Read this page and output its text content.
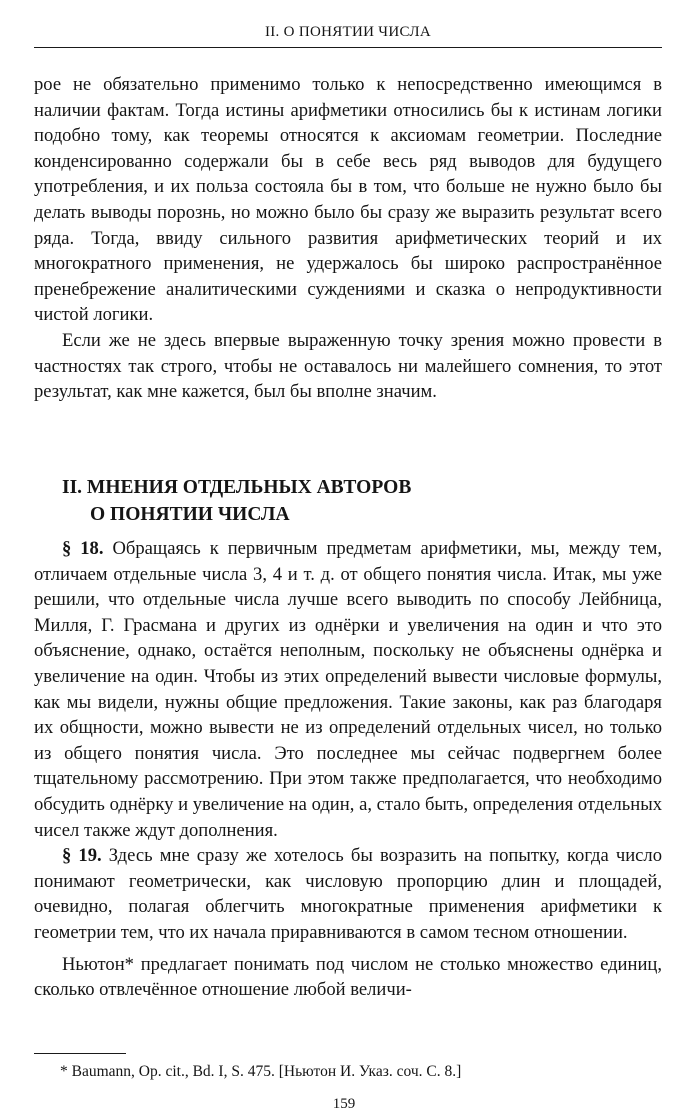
II. О ПОНЯТИИ ЧИСЛА

рое не обязательно применимо только к непосредственно имеющимся в наличии фактам. Тогда истины арифметики относились бы к истинам логики подобно тому, как теоремы относятся к аксиомам геометрии. Последние конденсированно содержали бы в себе весь ряд выводов для будущего употребления, и их польза состояла бы в том, что больше не нужно было бы делать выводы порознь, но можно было бы сразу же выразить результат всего ряда. Тогда, ввиду сильного развития арифметических теорий и их многократного применения, не удержалось бы широко распространённое пренебрежение аналитическими суждениями и сказка о непродуктивности чистой логики.

Если же не здесь впервые выраженную точку зрения можно провести в частностях так строго, чтобы не оставалось ни малейшего сомнения, то этот результат, как мне кажется, был бы вполне значим.

II. МНЕНИЯ ОТДЕЛЬНЫХ АВТОРОВ
О ПОНЯТИИ ЧИСЛА

§ 18. Обращаясь к первичным предметам арифметики, мы, между тем, отличаем отдельные числа 3, 4 и т. д. от общего понятия числа. Итак, мы уже решили, что отдельные числа лучше всего выводить по способу Лейбница, Милля, Г. Грасмана и других из однёрки и увеличения на один и что это объяснение, однако, остаётся неполным, поскольку не объяснены однёрка и увеличение на один. Чтобы из этих определений вывести числовые формулы, как мы видели, нужны общие предложения. Такие законы, как раз благодаря их общности, можно вывести не из определений отдельных чисел, но только из общего понятия числа. Это последнее мы сейчас подвергнем более тщательному рассмотрению. При этом также предполагается, что необходимо обсудить однёрку и увеличение на один, а, стало быть, определения отдельных чисел также ждут дополнения.

§ 19. Здесь мне сразу же хотелось бы возразить на попытку, когда число понимают геометрически, как числовую пропорцию длин и площадей, очевидно, полагая облегчить многократные применения арифметики к геометрии тем, что их начала приравниваются в самом тесном отношении.

Ньютон* предлагает понимать под числом не столько множество единиц, сколько отвлечённое отношение любой величи-

* Baumann, Op. cit., Bd. I, S. 475. [Ньютон И. Указ. соч. С. 8.]
159
